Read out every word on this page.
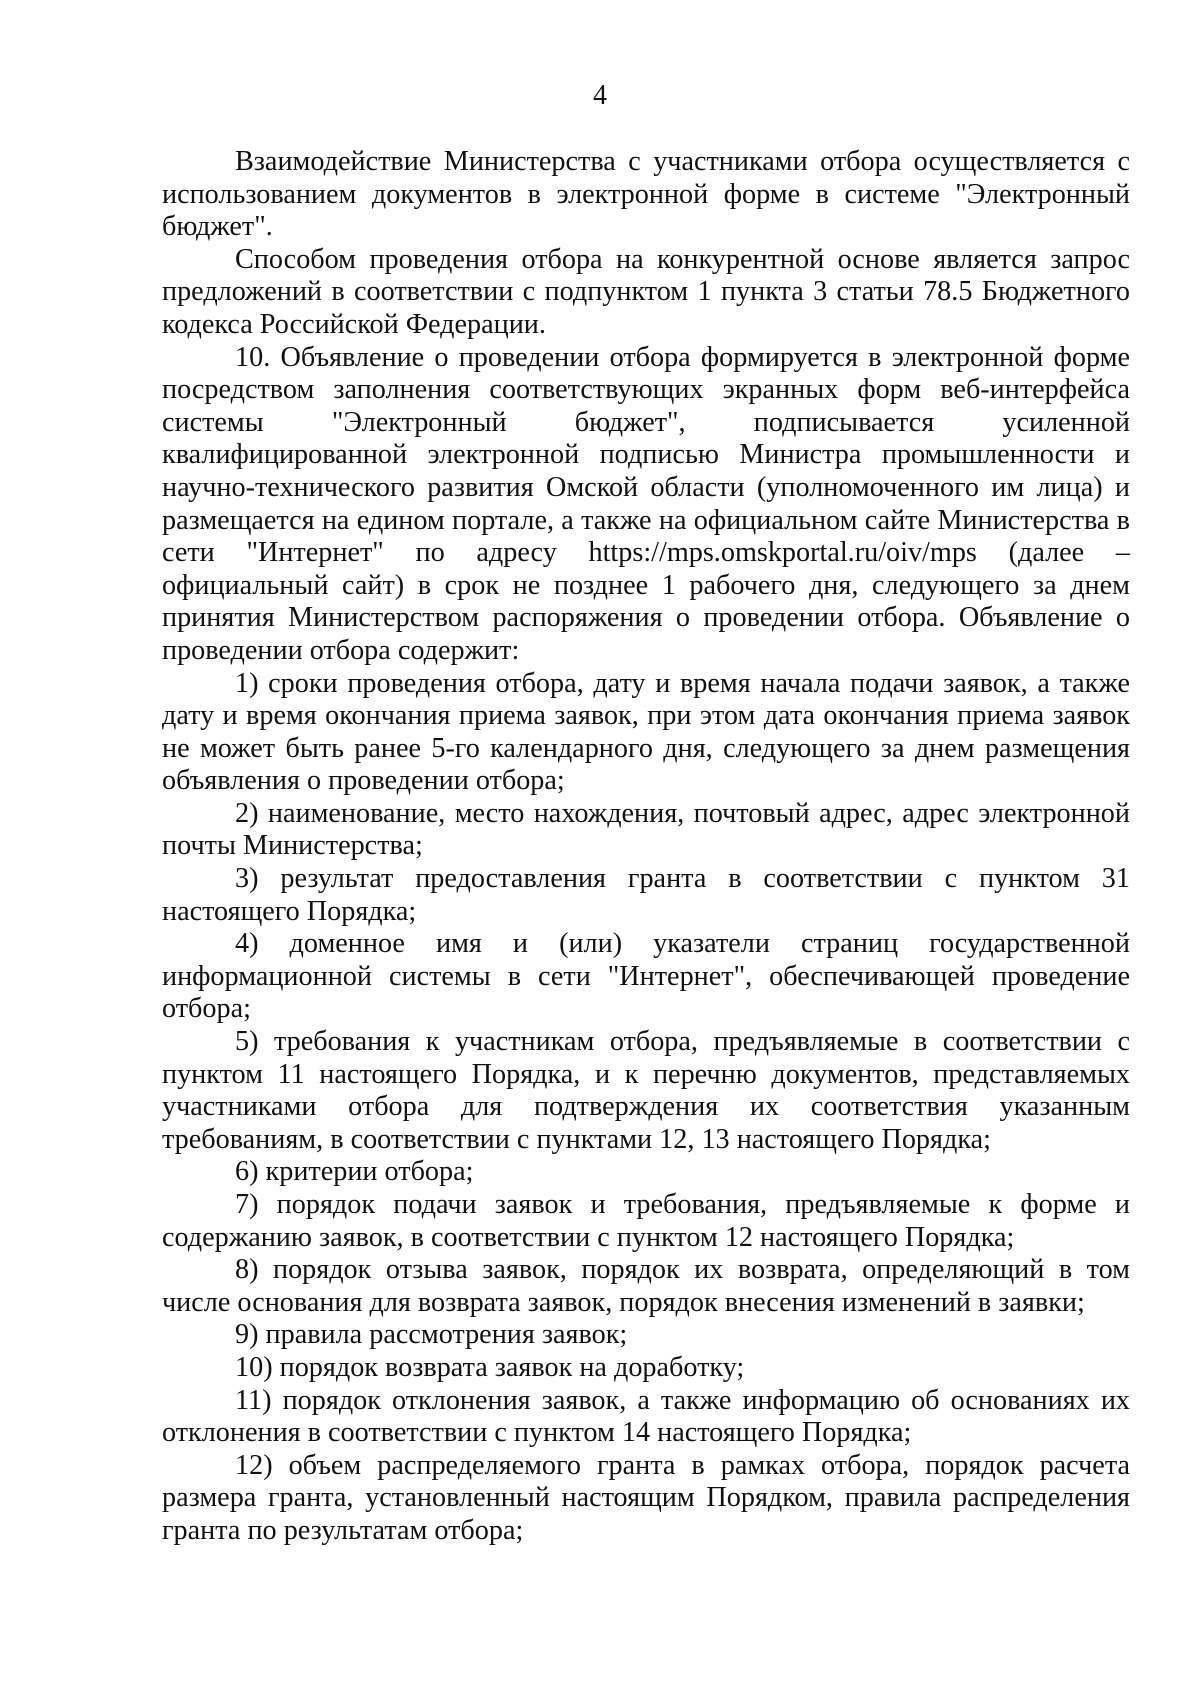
4

Взаимодействие Министерства с участниками отбора осуществляется с использованием документов в электронной форме в системе "Электронный бюджет".

Способом проведения отбора на конкурентной основе является запрос предложений в соответствии с подпунктом 1 пункта 3 статьи 78.5 Бюджетного кодекса Российской Федерации.

10. Объявление о проведении отбора формируется в электронной форме посредством заполнения соответствующих экранных форм веб-интерфейса системы "Электронный бюджет", подписывается усиленной квалифицированной электронной подписью Министра промышленности и научно-технического развития Омской области (уполномоченного им лица) и размещается на едином портале, а также на официальном сайте Министерства в сети "Интернет" по адресу https://mps.omskportal.ru/oiv/mps (далее – официальный сайт) в срок не позднее 1 рабочего дня, следующего за днем принятия Министерством распоряжения о проведении отбора. Объявление о проведении отбора содержит:

1) сроки проведения отбора, дату и время начала подачи заявок, а также дату и время окончания приема заявок, при этом дата окончания приема заявок не может быть ранее 5-го календарного дня, следующего за днем размещения объявления о проведении отбора;

2) наименование, место нахождения, почтовый адрес, адрес электронной почты Министерства;

3) результат предоставления гранта в соответствии с пунктом 31 настоящего Порядка;

4) доменное имя и (или) указатели страниц государственной информационной системы в сети "Интернет", обеспечивающей проведение отбора;

5) требования к участникам отбора, предъявляемые в соответствии с пунктом 11 настоящего Порядка, и к перечню документов, представляемых участниками отбора для подтверждения их соответствия указанным требованиям, в соответствии с пунктами 12, 13 настоящего Порядка;

6) критерии отбора;

7) порядок подачи заявок и требования, предъявляемые к форме и содержанию заявок, в соответствии с пунктом 12 настоящего Порядка;

8) порядок отзыва заявок, порядок их возврата, определяющий в том числе основания для возврата заявок, порядок внесения изменений в заявки;

9) правила рассмотрения заявок;

10) порядок возврата заявок на доработку;

11) порядок отклонения заявок, а также информацию об основаниях их отклонения в соответствии с пунктом 14 настоящего Порядка;

12) объем распределяемого гранта в рамках отбора, порядок расчета размера гранта, установленный настоящим Порядком, правила распределения гранта по результатам отбора;
